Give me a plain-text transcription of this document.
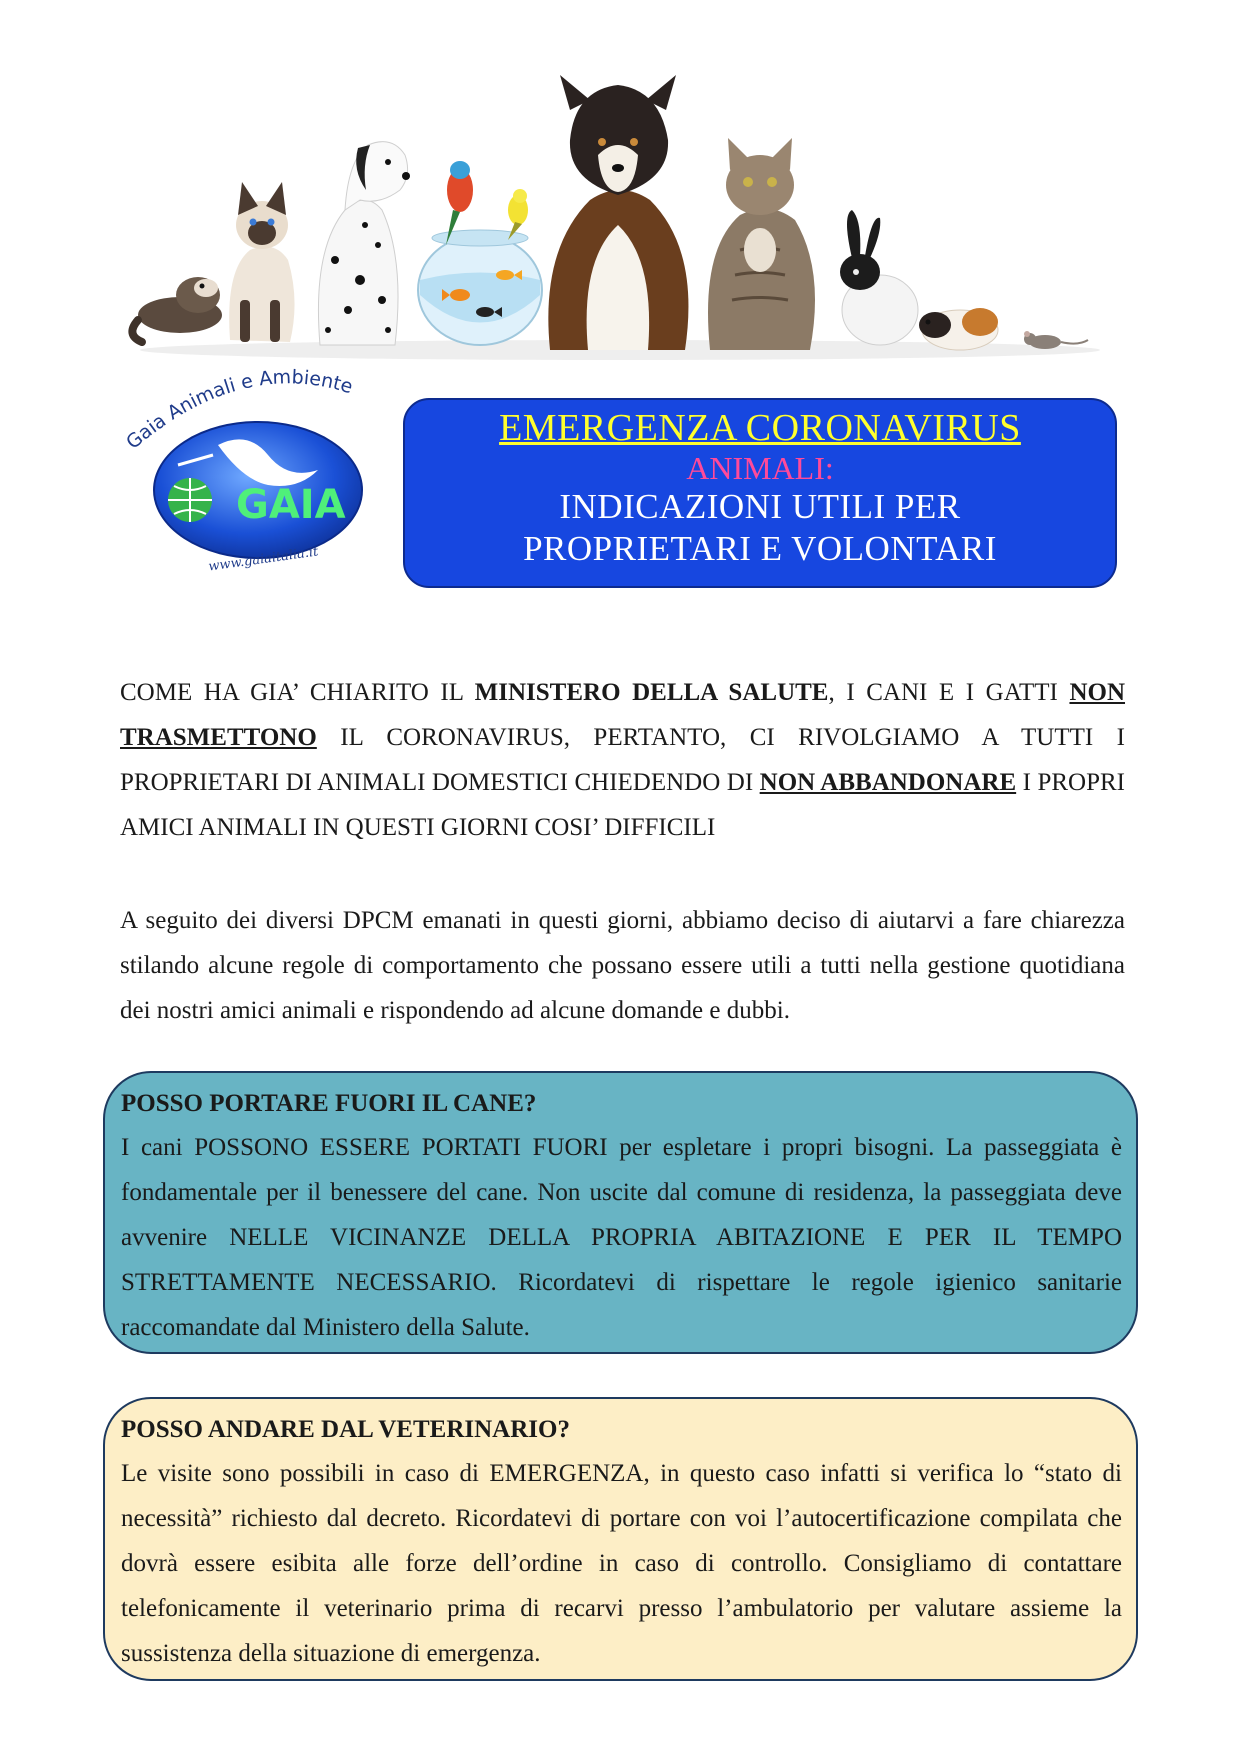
Gaia Animali e Ambiente
GAIA
www.gaiaitalia.it
EMERGENZA CORONAVIRUS
ANIMALI:
INDICAZIONI UTILI PER
PROPRIETARI E VOLONTARI
COME HA GIA’ CHIARITO IL MINISTERO DELLA SALUTE, I CANI E I GATTI NON TRASMETTONO IL CORONAVIRUS, PERTANTO, CI RIVOLGIAMO A TUTTI I PROPRIETARI DI ANIMALI DOMESTICI CHIEDENDO DI NON ABBANDONARE I PROPRI AMICI ANIMALI IN QUESTI GIORNI COSI’ DIFFICILI
A seguito dei diversi DPCM emanati in questi giorni, abbiamo deciso di aiutarvi a fare chiarezza stilando alcune regole di comportamento che possano essere utili a tutti nella gestione quotidiana dei nostri amici animali e rispondendo ad alcune domande e dubbi.
POSSO PORTARE FUORI IL CANE?
I cani POSSONO ESSERE PORTATI FUORI per espletare i propri bisogni. La passeggiata è fondamentale per il benessere del cane. Non uscite dal comune di residenza, la passeggiata deve avvenire NELLE VICINANZE DELLA PROPRIA ABITAZIONE E PER IL TEMPO STRETTAMENTE NECESSARIO. Ricordatevi di rispettare le regole igienico sanitarie raccomandate dal Ministero della Salute.
POSSO ANDARE DAL VETERINARIO?
Le visite sono possibili in caso di EMERGENZA, in questo caso infatti si verifica lo “stato di necessità” richiesto dal decreto. Ricordatevi di portare con voi l’autocertificazione compilata che dovrà essere esibita alle forze dell’ordine in caso di controllo. Consigliamo di contattare telefonicamente il veterinario prima di recarvi presso l’ambulatorio per valutare assieme la sussistenza della situazione di emergenza.
